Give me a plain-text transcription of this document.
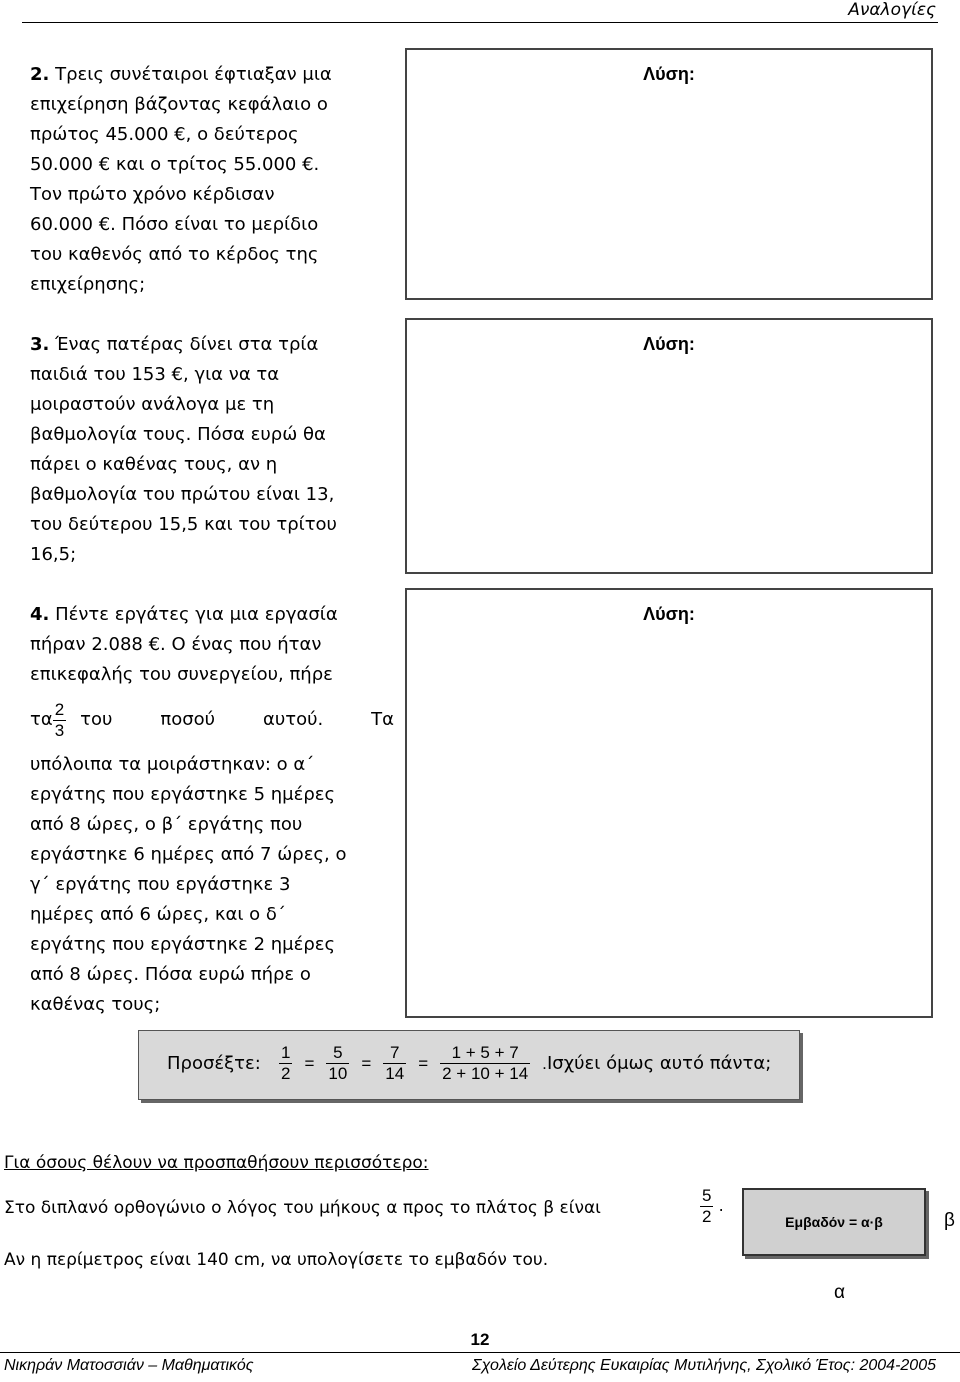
Αναλογίες

2. Τρεις συνέταιροι έφτιαξαν μια

επιχείρηση βάζοντας κεφάλαιο ο

πρώτος 45.000 €, ο δεύτερος

50.000 € και ο τρίτος 55.000 €.

Τον πρώτο χρόνο κέρδισαν

60.000 €. Πόσο είναι το μερίδιο

του καθενός από το κέρδος της

επιχείρησης;

Λύση:

3. Ένας πατέρας δίνει στα τρία

παιδιά του 153 €, για να τα

μοιραστούν ανάλογα με τη

βαθμολογία τους. Πόσα ευρώ θα

πάρει ο καθένας τους, αν η

βαθμολογία του πρώτου είναι 13,

του δεύτερου 15,5 και του τρίτου

16,5;

Λύση:

4. Πέντε εργάτες για μια εργασία

πήραν 2.088 €. Ο ένας που ήταν

επικεφαλής του συνεργείου, πήρε

τα $\frac{2}{3}$ του ποσού αυτού. Τα

υπόλοιπα τα μοιράστηκαν: ο α΄

εργάτης που εργάστηκε 5 ημέρες

από 8 ώρες, ο β΄ εργάτης που

εργάστηκε 6 ημέρες από 7 ώρες, ο

γ΄ εργάτης που εργάστηκε 3

ημέρες από 6 ώρες, και ο δ΄

εργάτης που εργάστηκε 2 ημέρες

από 8 ώρες. Πόσα ευρώ πήρε ο

καθένας τους;

Λύση:
Προσέξτε: $\frac{1}{2} = \frac{5}{10} = \frac{7}{14} = \frac{1 + 5 + 7}{2 + 10 + 14}$ . Ισχύει όμως αυτό πάντα;
Για όσους θέλουν να προσπαθήσουν περισσότερο:
Στο διπλανό ορθογώνιο ο λόγος του μήκους α προς το πλάτος β είναι	$\frac{5}{2}$ .
Αν η περίμετρος είναι 140 cm, να υπολογίσετε το εμβαδόν του.
Εμβαδόν = α·β	β
α
12
Νικηράν Ματοσσιάν – Μαθηματικός	Σχολείο Δεύτερης Ευκαιρίας Μυτιλήνης, Σχολικό Έτος: 2004-2005
